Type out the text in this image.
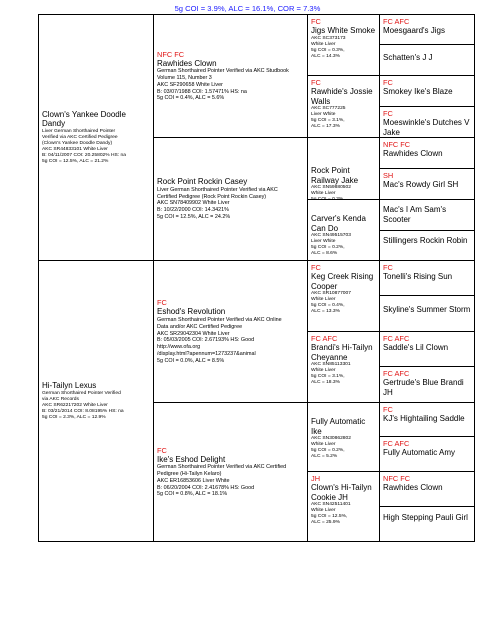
5g COI = 3.9%, ALC = 16.1%, COR = 7.3%
Clown's Yankee Doodle Dandy
Liver German Shorthaired Pointer
Verified via AKC Certified Pedigree
(Clown's Yankee Doodle Dandy)
AKC SR44833101 White Liver
B: 04/11/2007 COI: 20.25802% HS: na
5g COI = 12.5%, ALC = 21.2%
Hi-Tailyn Lexus
German Shorthaired Pointer Verified
via AKC Records
AKC SR62217202 White Liver
B: 03/21/2014 COI: 8.08195% HS: na
5g COI = 2.3%, ALC = 12.9%
NFC FC
Rawhides Clown
German Shorthaired Pointer Verified via AKC Studbook
Volume 115, Number 3
AKC SF290658 White Liver
B: 03/07/1988 COI: 1.57471% HS: na
5g COI = 0.4%, ALC = 5.6%
Rock Point Rockin Casey
Liver German Shorthaired Pointer Verified via AKC
Certified Pedigree (Rock Point Rockin Casey)
AKC SN78409902 White Liver
B: 10/22/2000 COI: 14.3421%
5g COI = 12.5%, ALC = 24.2%
FC
Eshod's Revolution
German Shorthaired Pointer Verified via AKC Online
Data and/or AKC Certified Pedigree
AKC SR29042304 White Liver
B: 05/03/2005 COI: 2.67193% HS: Good
http://www.ofa.org
/display.html?apennum=1273237&animal
5g COI = 0.0%, ALC = 8.5%
FC
Ike's Eshod Delight
German Shorthaired Pointer Verified via AKC Certified
Pedigree (Hi-Tailyn Kelaro)
AKC ER16853606 Liver White
B: 06/20/2004 COI: 2.41678% HS: Good
5g COI = 0.8%, ALC = 18.1%
FC
Jigs White Smoke
AKC SC373173
White Liver
5g COI = 0.3%,
ALC = 14.3%
FC
Rawhide's Jossie Walls
AKC SC777225
Liver White
5g COI = 3.1%,
ALC = 17.3%
Rock Point Railway Jake
AKC SN59880502
White Liver
Carver's Kenda Can Do
AKC SN49515703
Liver White
5g COI = 0.2%,
ALC = 8.6%
FC
Keg Creek Rising Cooper
AKC SR10877007
White Liver
5g COI = 0.4%,
ALC = 13.3%
FC AFC
Brandi's Hi-Tailyn Cheyanne
AKC SN85113301
White Liver
5g COI = 3.1%,
ALC = 18.3%
Fully Automatic Ike
AKC SN30862802
White Liver
5g COI = 0.2%,
ALC = 5.2%
JH
Clown's Hi-Tailyn Cookie JH
AKC SN42511401
White Liver
5g COI = 12.5%,
ALC = 25.9%
FC AFC
Moesgaard's Jigs
Schatten's J J
FC
Smokey Ike's Blaze
FC
Moeswinkle's Dutches V Jake
NFC FC
Rawhides Clown
SH
Mac's Rowdy Girl SH
Mac's I Am Sam's Scooter
Stillingers Rockin Robin
FC
Tonelli's Rising Sun
Skyline's Summer Storm
FC AFC
Saddle's Lil Clown
FC AFC
Gertrude's Blue Brandi JH
FC
KJ's Hightailing Saddle
FC AFC
Fully Automatic Amy
NFC FC
Rawhides Clown
High Stepping Pauli Girl
